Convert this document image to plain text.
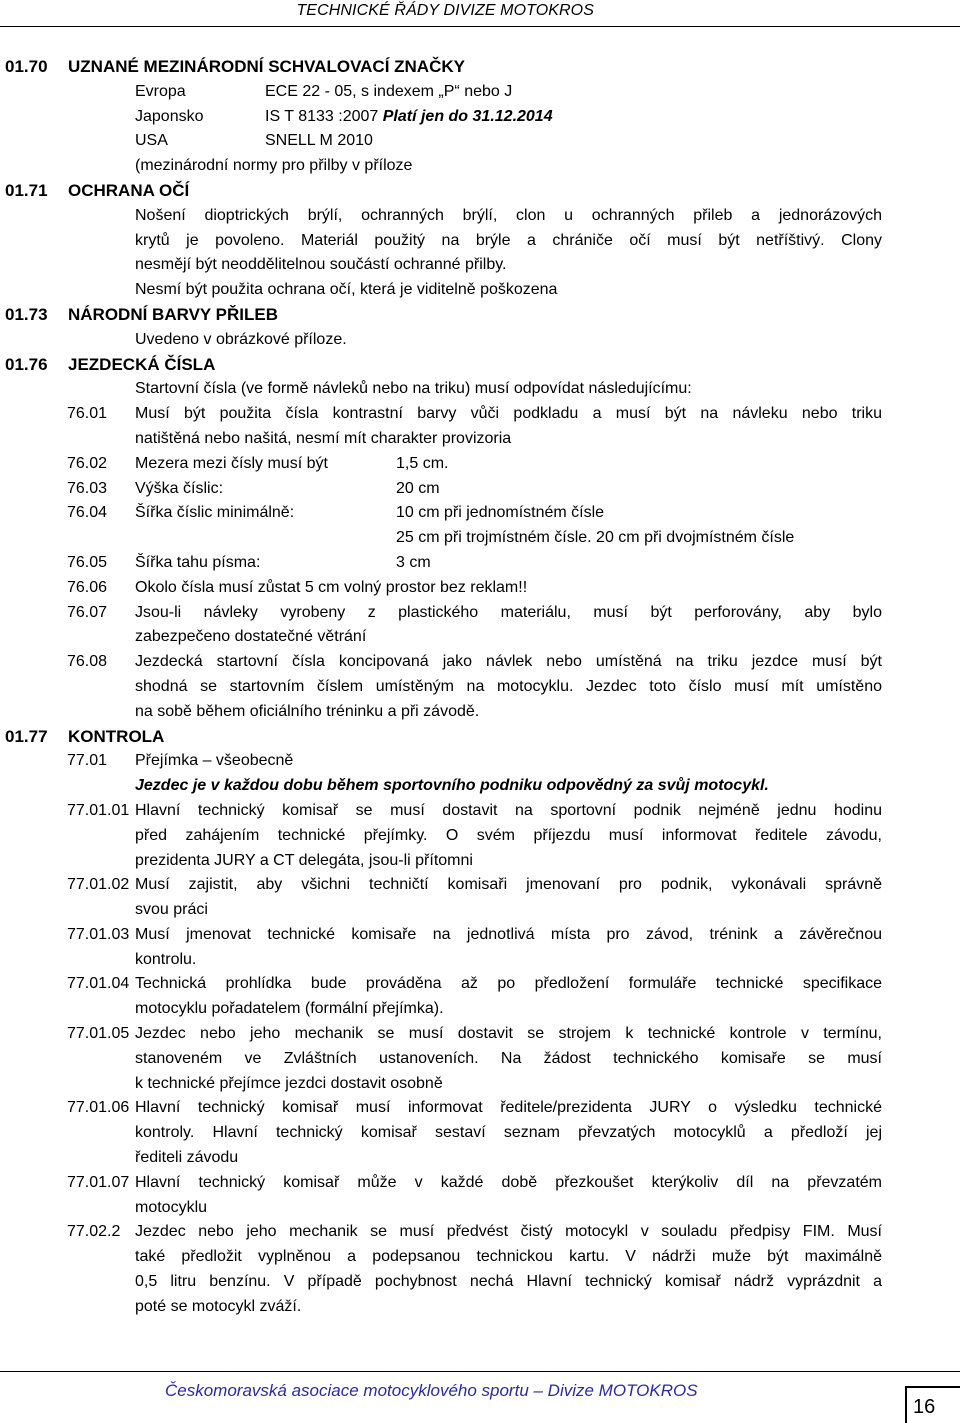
TECHNICKÉ ŘÁDY DIVIZE MOTOKROS
01.70 UZNANÉ MEZINÁRODNÍ SCHVALOVACÍ ZNAČKY
Evropa	ECE 22 - 05, s indexem „P“ nebo J
Japonsko	IS T 8133 :2007 Platí jen do 31.12.2014
USA	SNELL M 2010
(mezinárodní normy pro přilby v příloze
01.71 OCHRANA OČÍ
Nošení dioptrických brýlí, ochranných brýlí, clon u ochranných přileb a jednorázových
krytů je povoleno. Materiál použitý na brýle a chrániče očí musí být netříštivý. Clony
nesmějí být neoddělitelnou součástí ochranné přilby.
Nesmí být použita ochrana očí, která je viditelně poškozena
01.73 NÁRODNÍ BARVY PŘILEB
Uvedeno v obrázkové příloze.
01.76 JEZDECKÁ ČÍSLA
Startovní čísla (ve formě návleků nebo na triku) musí odpovídat následujícímu:
76.01 Musí být použita čísla kontrastní barvy vůči podkladu a musí být na návleku nebo triku
natištěná nebo našitá, nesmí mít charakter provizoria
76.02 Mezera mezi čísly musí být	1,5 cm.
76.03 Výška číslic:	20 cm
76.04 Šířka číslic minimálně:	10 cm při jednomístném čísle
25 cm při trojmístném čísle. 20 cm při dvojmístném čísle
76.05 Šířka tahu písma:	3 cm
76.06 Okolo čísla musí zůstat 5 cm volný prostor bez reklam!!
76.07 Jsou-li návleky vyrobeny z plastického materiálu, musí být perforovány, aby bylo
zabezpečeno dostatečné větrání
76.08 Jezdecká startovní čísla koncipovaná jako návlek nebo umístěná na triku jezdce musí být
shodná se startovním číslem umístěným na motocyklu. Jezdec toto číslo musí mít umístěno
na sobě během oficiálního tréninku a při závodě.
01.77 KONTROLA
77.01 Přejímka – všeobecně
Jezdec je v každou dobu během sportovního podniku odpovědný za svůj motocykl.
77.01.01 Hlavní technický komisař se musí dostavit na sportovní podnik nejméně jednu hodinu
před zahájením technické přejímky. O svém příjezdu musí informovat ředitele závodu,
prezidenta JURY a CT delegáta, jsou-li přítomni
77.01.02 Musí zajistit, aby všichni techničtí komisaři jmenovaní pro podnik, vykonávali správně
svou práci
77.01.03 Musí jmenovat technické komisaře na jednotlivá místa pro závod, trénink a závěrečnou
kontrolu.
77.01.04 Technická prohlídka bude prováděna až po předložení formuláře technické specifikace
motocyklu pořadatelem (formální přejímka).
77.01.05 Jezdec nebo jeho mechanik se musí dostavit se strojem k technické kontrole v termínu,
stanoveném ve Zvláštních ustanoveních. Na žádost technického komisaře se musí
k technické přejímce jezdci dostavit osobně
77.01.06 Hlavní technický komisař musí informovat ředitele/prezidenta JURY o výsledku technické
kontroly. Hlavní technický komisař sestaví seznam převzatých motocyklů a předloží jej
řediteli závodu
77.01.07 Hlavní technický komisař může v každé době přezkoušet kterýkoliv díl na převzatém
motocyklu
77.02.2 Jezdec nebo jeho mechanik se musí předvést čistý motocykl v souladu předpisy FIM. Musí
také předložit vyplněnou a podepsanou technickou kartu. V nádrži muže být maximálně
0,5 litru benzínu. V případě pochybnost nechá Hlavní technický komisař nádrž vyprázdnit a
poté se motocykl zváží.
Českomoravská asociace motocyklového sportu – Divize MOTOKROS
16
